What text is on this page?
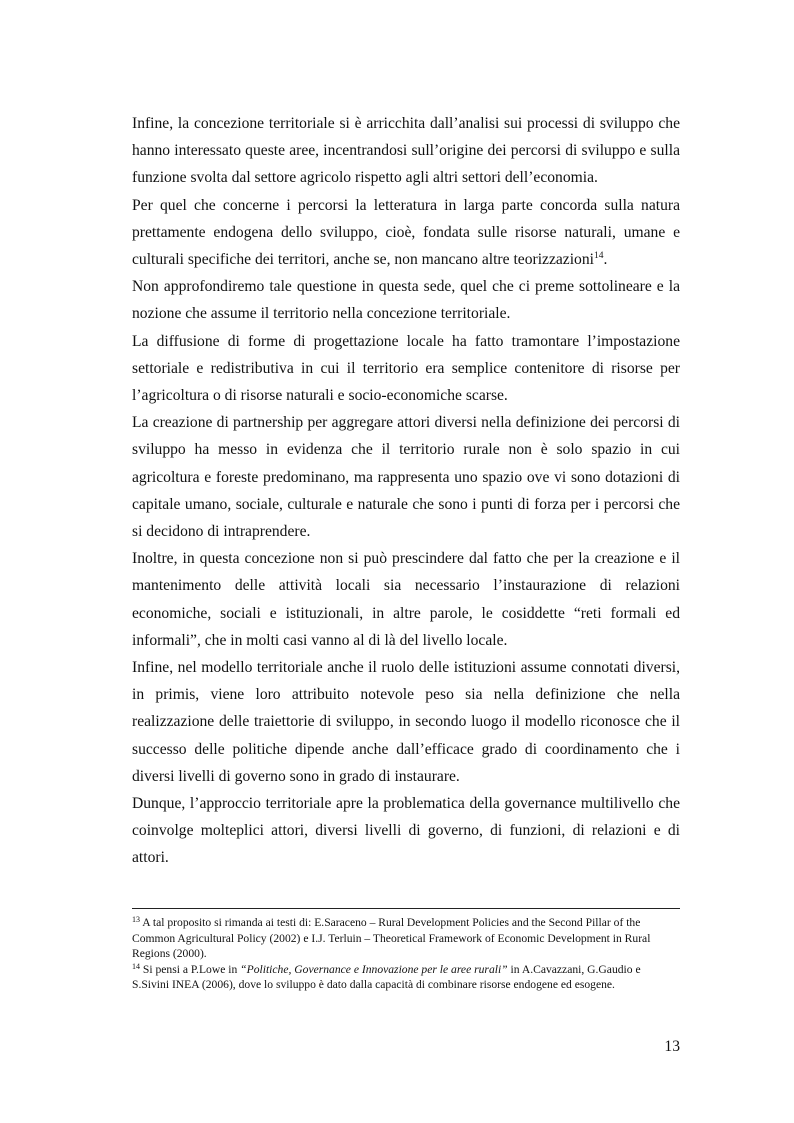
Infine, la concezione territoriale si è arricchita dall’analisi sui processi di sviluppo che hanno interessato queste aree, incentrandosi sull’origine dei percorsi di sviluppo e sulla funzione svolta dal settore agricolo rispetto agli altri settori dell’economia.

Per quel che concerne i percorsi la letteratura in larga parte concorda sulla natura prettamente endogena dello sviluppo, cioè, fondata sulle risorse naturali, umane e culturali specifiche dei territori, anche se, non mancano altre teorizzazioni$^{14}$.

Non approfondiremo tale questione in questa sede, quel che ci preme sottolineare e la nozione che assume il territorio nella concezione territoriale.

La diffusione di forme di progettazione locale ha fatto tramontare l’impostazione settoriale e redistributiva in cui il territorio era semplice contenitore di risorse per l’agricoltura o di risorse naturali e socio-economiche scarse.

La creazione di partnership per aggregare attori diversi nella definizione dei percorsi di sviluppo ha messo in evidenza che il territorio rurale non è solo spazio in cui agricoltura e foreste predominano, ma rappresenta uno spazio ove vi sono dotazioni di capitale umano, sociale, culturale e naturale che sono i punti di forza per i percorsi che si decidono di intraprendere.

Inoltre, in questa concezione non si può prescindere dal fatto che per la creazione e il mantenimento delle attività locali sia necessario l’instaurazione di relazioni economiche, sociali e istituzionali, in altre parole, le cosiddette “reti formali ed informali”, che in molti casi vanno al di là del livello locale.

Infine, nel modello territoriale anche il ruolo delle istituzioni assume connotati diversi, in primis, viene loro attribuito notevole peso sia nella definizione che nella realizzazione delle traiettorie di sviluppo, in secondo luogo il modello riconosce che il successo delle politiche dipende anche dall’efficace grado di coordinamento che i diversi livelli di governo sono in grado di instaurare.

Dunque, l’approccio territoriale apre la problematica della governance multilivello che coinvolge molteplici attori, diversi livelli di governo, di funzioni, di relazioni e di attori.

$^{13}$ A tal proposito si rimanda ai testi di: E.Saraceno – Rural Development Policies and the Second Pillar of the Common Agricultural Policy (2002) e I.J. Terluin – Theoretical Framework of Economic Development in Rural Regions (2000).

$^{14}$ Si pensi a P.Lowe in “Politiche, Governance e Innovazione per le aree rurali” in A.Cavazzani, G.Gaudio e S.Sivini INEA (2006), dove lo sviluppo è dato dalla capacità di combinare risorse endogene ed esogene.

13
